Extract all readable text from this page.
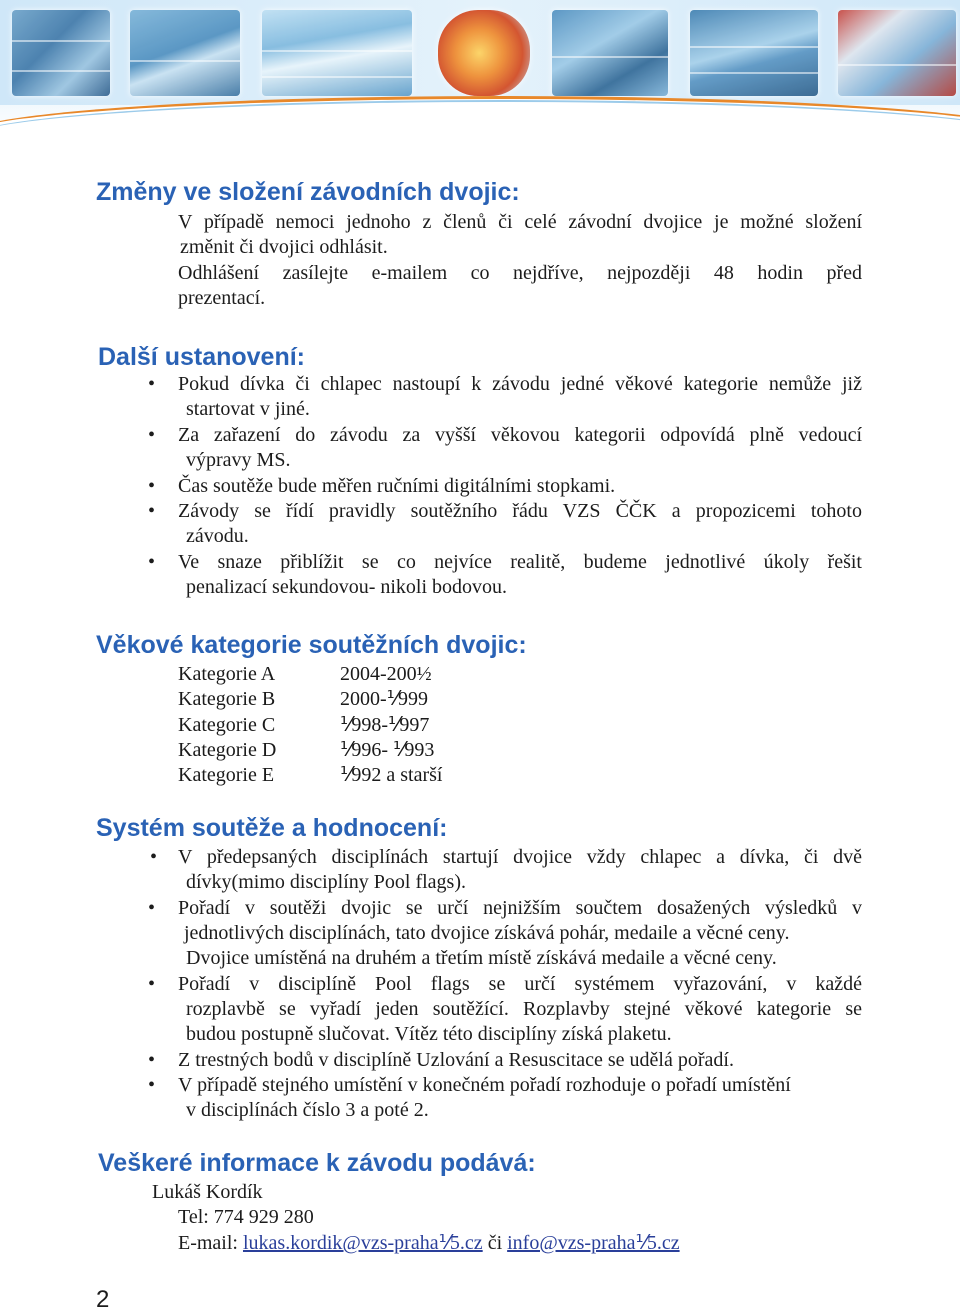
Změny ve složení závodních dvojic:
V případě nemoci jednoho z členů či celé závodní dvojice je možné složení
změnit či dvojici odhlásit.
Odhlášení zasílejte e-mailem co nejdříve, nejpozději 48 hodin před
prezentací.
Další ustanovení:
• Pokud dívka či chlapec nastoupí k závodu jedné věkové kategorie nemůže již
startovat v jiné.
• Za zařazení do závodu za vyšší věkovou kategorii odpovídá plně vedoucí
výpravy MS.
• Čas soutěže bude měřen ručními digitálními stopkami.
• Závody se řídí pravidly soutěžního řádu VZS ČČK a propozicemi tohoto
závodu.
• Ve snaze přiblížit se co nejvíce realitě, budeme jednotlivé úkoly řešit
penalizací sekundovou- nikoli bodovou.
Věkové kategorie soutěžních dvojic:
Kategorie A	2004-200½
Kategorie B	2000-⅟999
Kategorie C	⅟998-⅟997
Kategorie D	⅟996- ⅟993
Kategorie E	⅟992 a starší
Systém soutěže a hodnocení:
• V předepsaných disciplínách startují dvojice vždy chlapec a dívka, či dvě
dívky(mimo disciplíny Pool flags).
• Pořadí v soutěži dvojic se určí nejnižším součtem dosažených výsledků v
jednotlivých disciplínách, tato dvojice získává pohár, medaile a věcné ceny.
Dvojice umístěná na druhém a třetím místě získává medaile a věcné ceny.
• Pořadí v disciplíně Pool flags se určí systémem vyřazování, v každé
rozplavbě se vyřadí jeden soutěžící. Rozplavby stejné věkové kategorie se
budou postupně slučovat. Vítěz této disciplíny získá plaketu.
• Z trestných bodů v disciplíně Uzlování a Resuscitace se udělá pořadí.
• V případě stejného umístění v konečném pořadí rozhoduje o pořadí umístění
v disciplínách číslo 3 a poté 2.
Veškeré informace k závodu podává:
Lukáš Kordík
Tel: 774 929 280
E-mail: lukas.kordik@vzs-praha⅟5.cz či info@vzs-praha⅟5.cz
2
